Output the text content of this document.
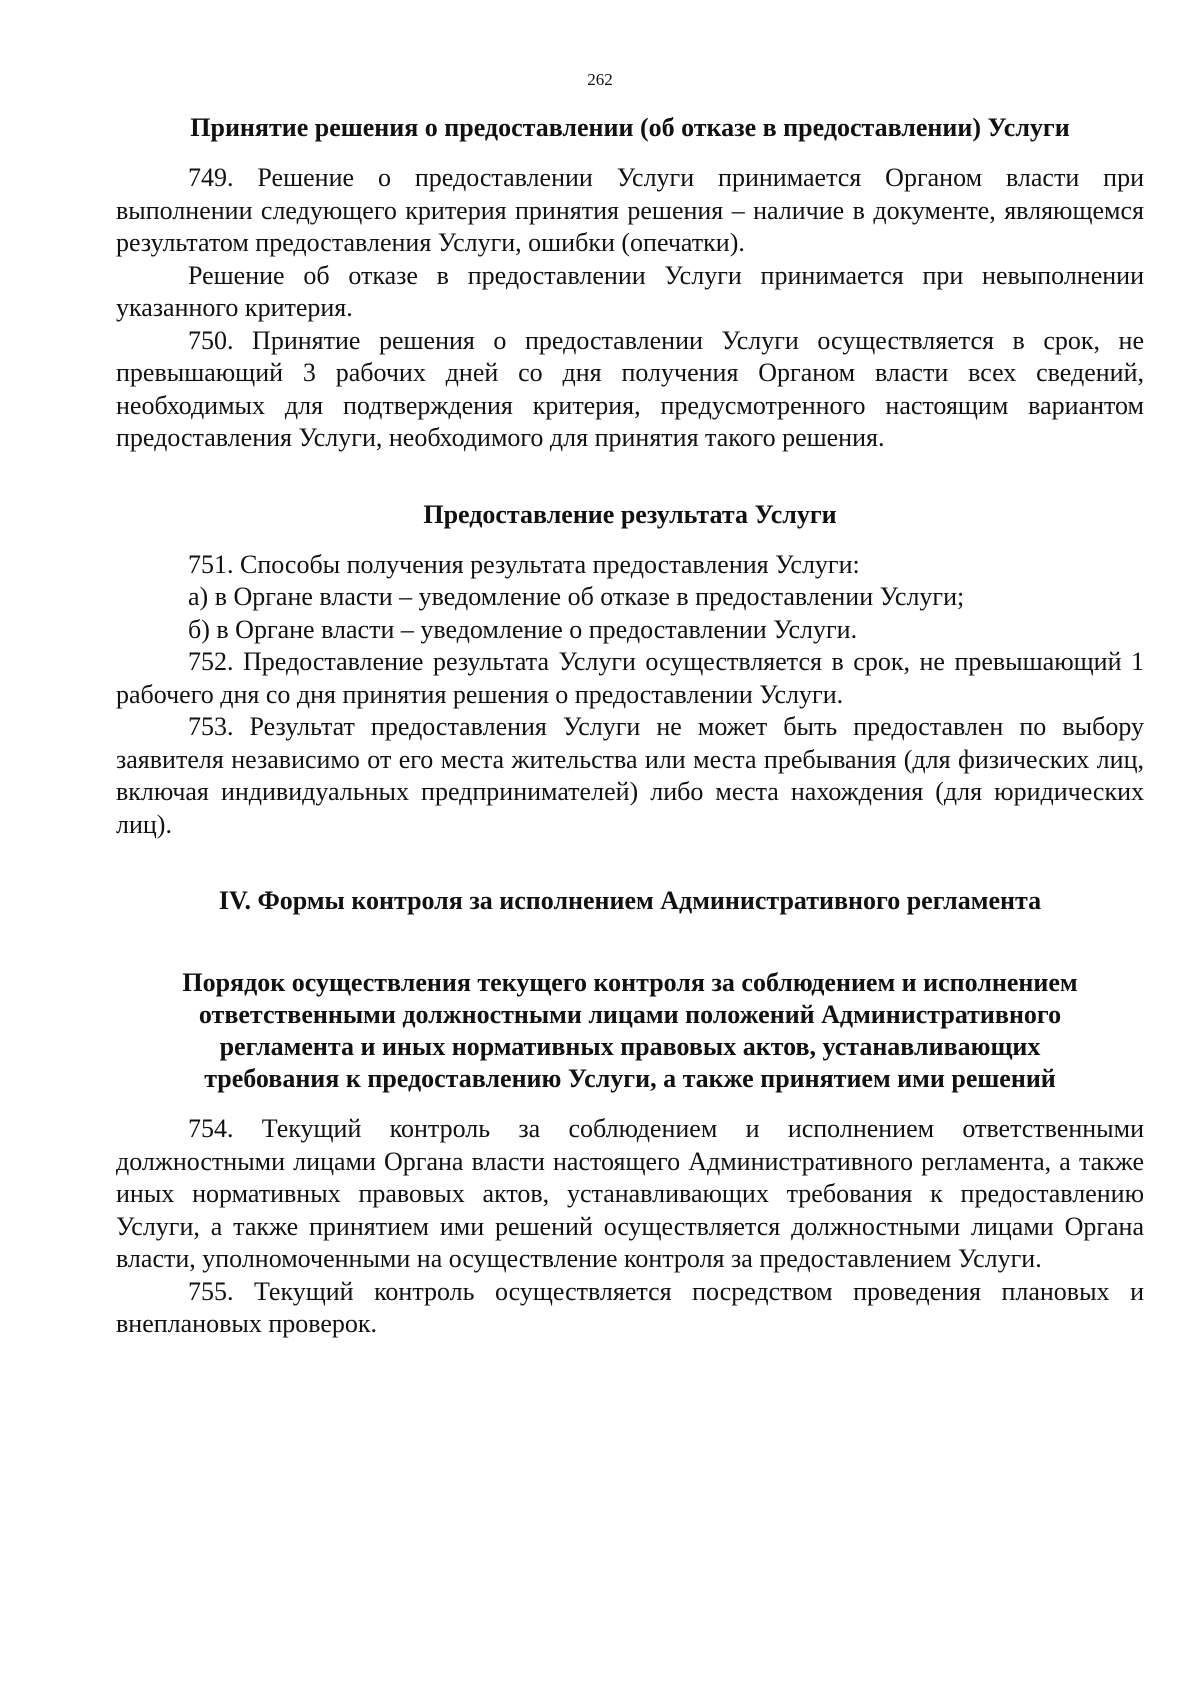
262

Принятие решения о предоставлении (об отказе в предоставлении) Услуги

749. Решение о предоставлении Услуги принимается Органом власти при выполнении следующего критерия принятия решения – наличие в документе, являющемся результатом предоставления Услуги, ошибки (опечатки).

Решение об отказе в предоставлении Услуги принимается при невыполнении указанного критерия.

750. Принятие решения о предоставлении Услуги осуществляется в срок, не превышающий 3 рабочих дней со дня получения Органом власти всех сведений, необходимых для подтверждения критерия, предусмотренного настоящим вариантом предоставления Услуги, необходимого для принятия такого решения.

Предоставление результата Услуги

751. Способы получения результата предоставления Услуги:

а) в Органе власти – уведомление об отказе в предоставлении Услуги;

б) в Органе власти – уведомление о предоставлении Услуги.

752. Предоставление результата Услуги осуществляется в срок, не превышающий 1 рабочего дня со дня принятия решения о предоставлении Услуги.

753. Результат предоставления Услуги не может быть предоставлен по выбору заявителя независимо от его места жительства или места пребывания (для физических лиц, включая индивидуальных предпринимателей) либо места нахождения (для юридических лиц).

IV. Формы контроля за исполнением Административного регламента

Порядок осуществления текущего контроля за соблюдением и исполнением

ответственными должностными лицами положений Административного

регламента и иных нормативных правовых актов, устанавливающих

требования к предоставлению Услуги, а также принятием ими решений

754. Текущий контроль за соблюдением и исполнением ответственными должностными лицами Органа власти настоящего Административного регламента, а также иных нормативных правовых актов, устанавливающих требования к предоставлению Услуги, а также принятием ими решений осуществляется должностными лицами Органа власти, уполномоченными на осуществление контроля за предоставлением Услуги.

755. Текущий контроль осуществляется посредством проведения плановых и внеплановых проверок.
